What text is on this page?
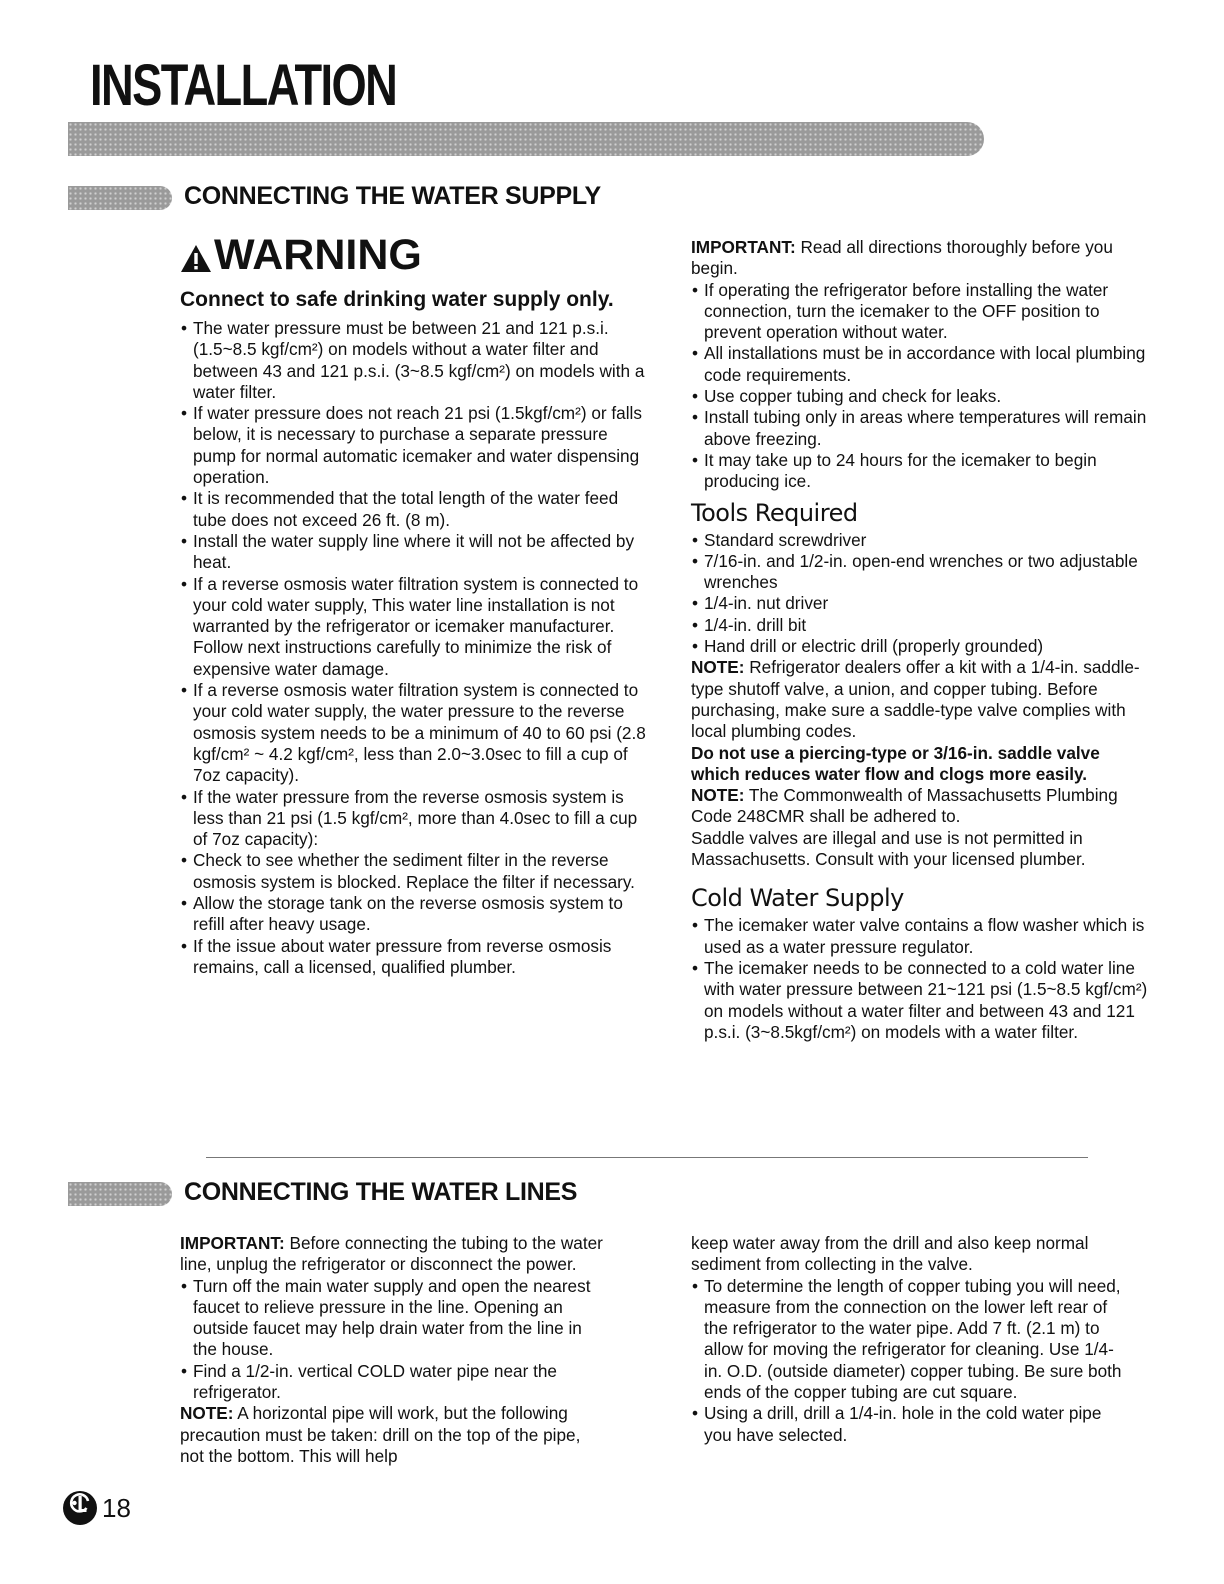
INSTALLATION
CONNECTING THE WATER SUPPLY
WARNING
Connect to safe drinking water supply only.
• The water pressure must be between 21 and 121 p.s.i. (1.5~8.5 kgf/cm²) on models without a water filter and between 43 and 121 p.s.i. (3~8.5 kgf/cm²) on models with a water filter.
• If water pressure does not reach 21 psi (1.5kgf/cm²) or falls below, it is necessary to purchase a separate pressure pump for normal automatic icemaker and water dispensing operation.
• It is recommended that the total length of the water feed tube does not exceed 26 ft. (8 m).
• Install the water supply line where it will not be affected by heat.
• If a reverse osmosis water filtration system is connected to your cold water supply, This water line installation is not warranted by the refrigerator or icemaker manufacturer. Follow next instructions carefully to minimize the risk of expensive water damage.
• If a reverse osmosis water filtration system is connected to your cold water supply, the water pressure to the reverse osmosis system needs to be a minimum of 40 to 60 psi (2.8 kgf/cm² ~ 4.2 kgf/cm², less than 2.0~3.0sec to fill a cup of 7oz capacity).
• If the water pressure from the reverse osmosis system is less than 21 psi (1.5 kgf/cm², more than 4.0sec to fill a cup of 7oz capacity):
• Check to see whether the sediment filter in the reverse osmosis system is blocked. Replace the filter if necessary.
• Allow the storage tank on the reverse osmosis system to refill after heavy usage.
• If the issue about water pressure from reverse osmosis remains, call a licensed, qualified plumber.

IMPORTANT: Read all directions thoroughly before you begin.

• If operating the refrigerator before installing the water connection, turn the icemaker to the OFF position to prevent operation without water.
• All installations must be in accordance with local plumbing code requirements.
• Use copper tubing and check for leaks.
• Install tubing only in areas where temperatures will remain above freezing.
• It may take up to 24 hours for the icemaker to begin producing ice.
Tools Required
• Standard screwdriver
• 7/16-in. and 1/2-in. open-end wrenches or two adjustable wrenches
• 1/4-in. nut driver
• 1/4-in. drill bit
• Hand drill or electric drill (properly grounded)

NOTE: Refrigerator dealers offer a kit with a 1/4-in. saddle-type shutoff valve, a union, and copper tubing. Before purchasing, make sure a saddle-type valve complies with local plumbing codes.

Do not use a piercing-type or 3/16-in. saddle valve which reduces water flow and clogs more easily.

NOTE: The Commonwealth of Massachusetts Plumbing Code 248CMR shall be adhered to.

Saddle valves are illegal and use is not permitted in Massachusetts. Consult with your licensed plumber.

Cold Water Supply
• The icemaker water valve contains a flow washer which is used as a water pressure regulator.
• The icemaker needs to be connected to a cold water line with water pressure between 21~121 psi (1.5~8.5 kgf/cm²) on models without a water filter and between 43 and 121 p.s.i. (3~8.5kgf/cm²) on models with a water filter.
CONNECTING THE WATER LINES

IMPORTANT: Before connecting the tubing to the water line, unplug the refrigerator or disconnect the power.

• Turn off the main water supply and open the nearest faucet to relieve pressure in the line. Opening an outside faucet may help drain water from the line in the house.
• Find a 1/2-in. vertical COLD water pipe near the refrigerator.

NOTE: A horizontal pipe will work, but the following precaution must be taken: drill on the top of the pipe, not the bottom. This will help

keep water away from the drill and also keep normal sediment from collecting in the valve.

• To determine the length of copper tubing you will need, measure from the connection on the lower left rear of the refrigerator to the water pipe. Add 7 ft. (2.1 m) to allow for moving the refrigerator for cleaning. Use 1/4-in. O.D. (outside diameter) copper tubing. Be sure both ends of the copper tubing are cut square.
• Using a drill, drill a 1/4-in. hole in the cold water pipe you have selected.
18
